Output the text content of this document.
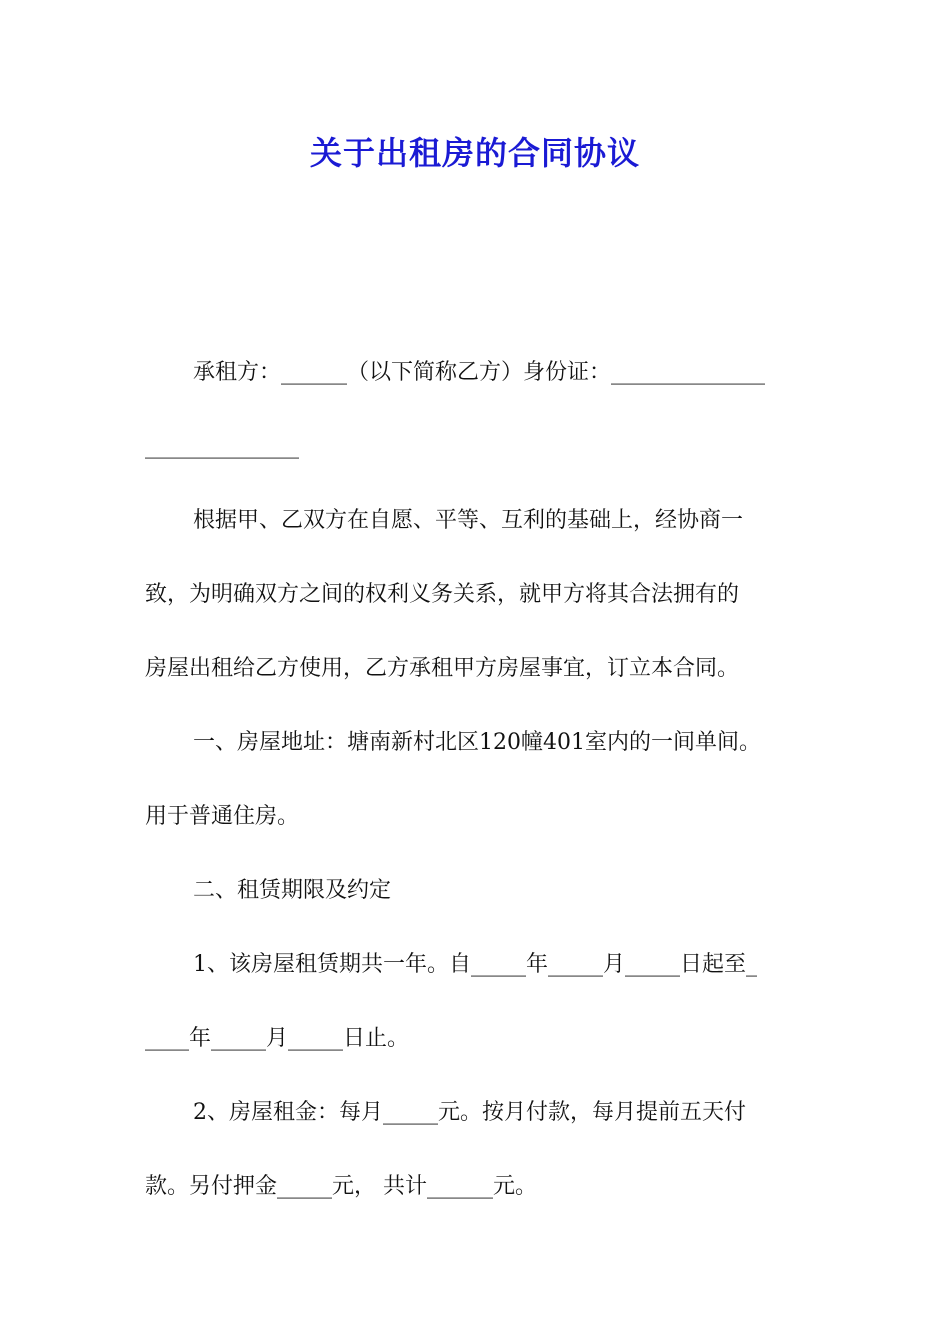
关于出租房的合同协议
承租方：______（以下简称乙方）身份证：______________
______________
根据甲、乙双方在自愿、平等、互利的基础上，经协商一
致，为明确双方之间的权利义务关系，就甲方将其合法拥有的
房屋出租给乙方使用，乙方承租甲方房屋事宜，订立本合同。
一、房屋地址：塘南新村北区120幢401室内的一间单间。
用于普通住房。
二、租赁期限及约定
1、该房屋租赁期共一年。自_____年_____月_____日起至_
____年_____月_____日止。
2、房屋租金：每月_____元。按月付款，每月提前五天付
款。另付押金_____元， 共计______元。
